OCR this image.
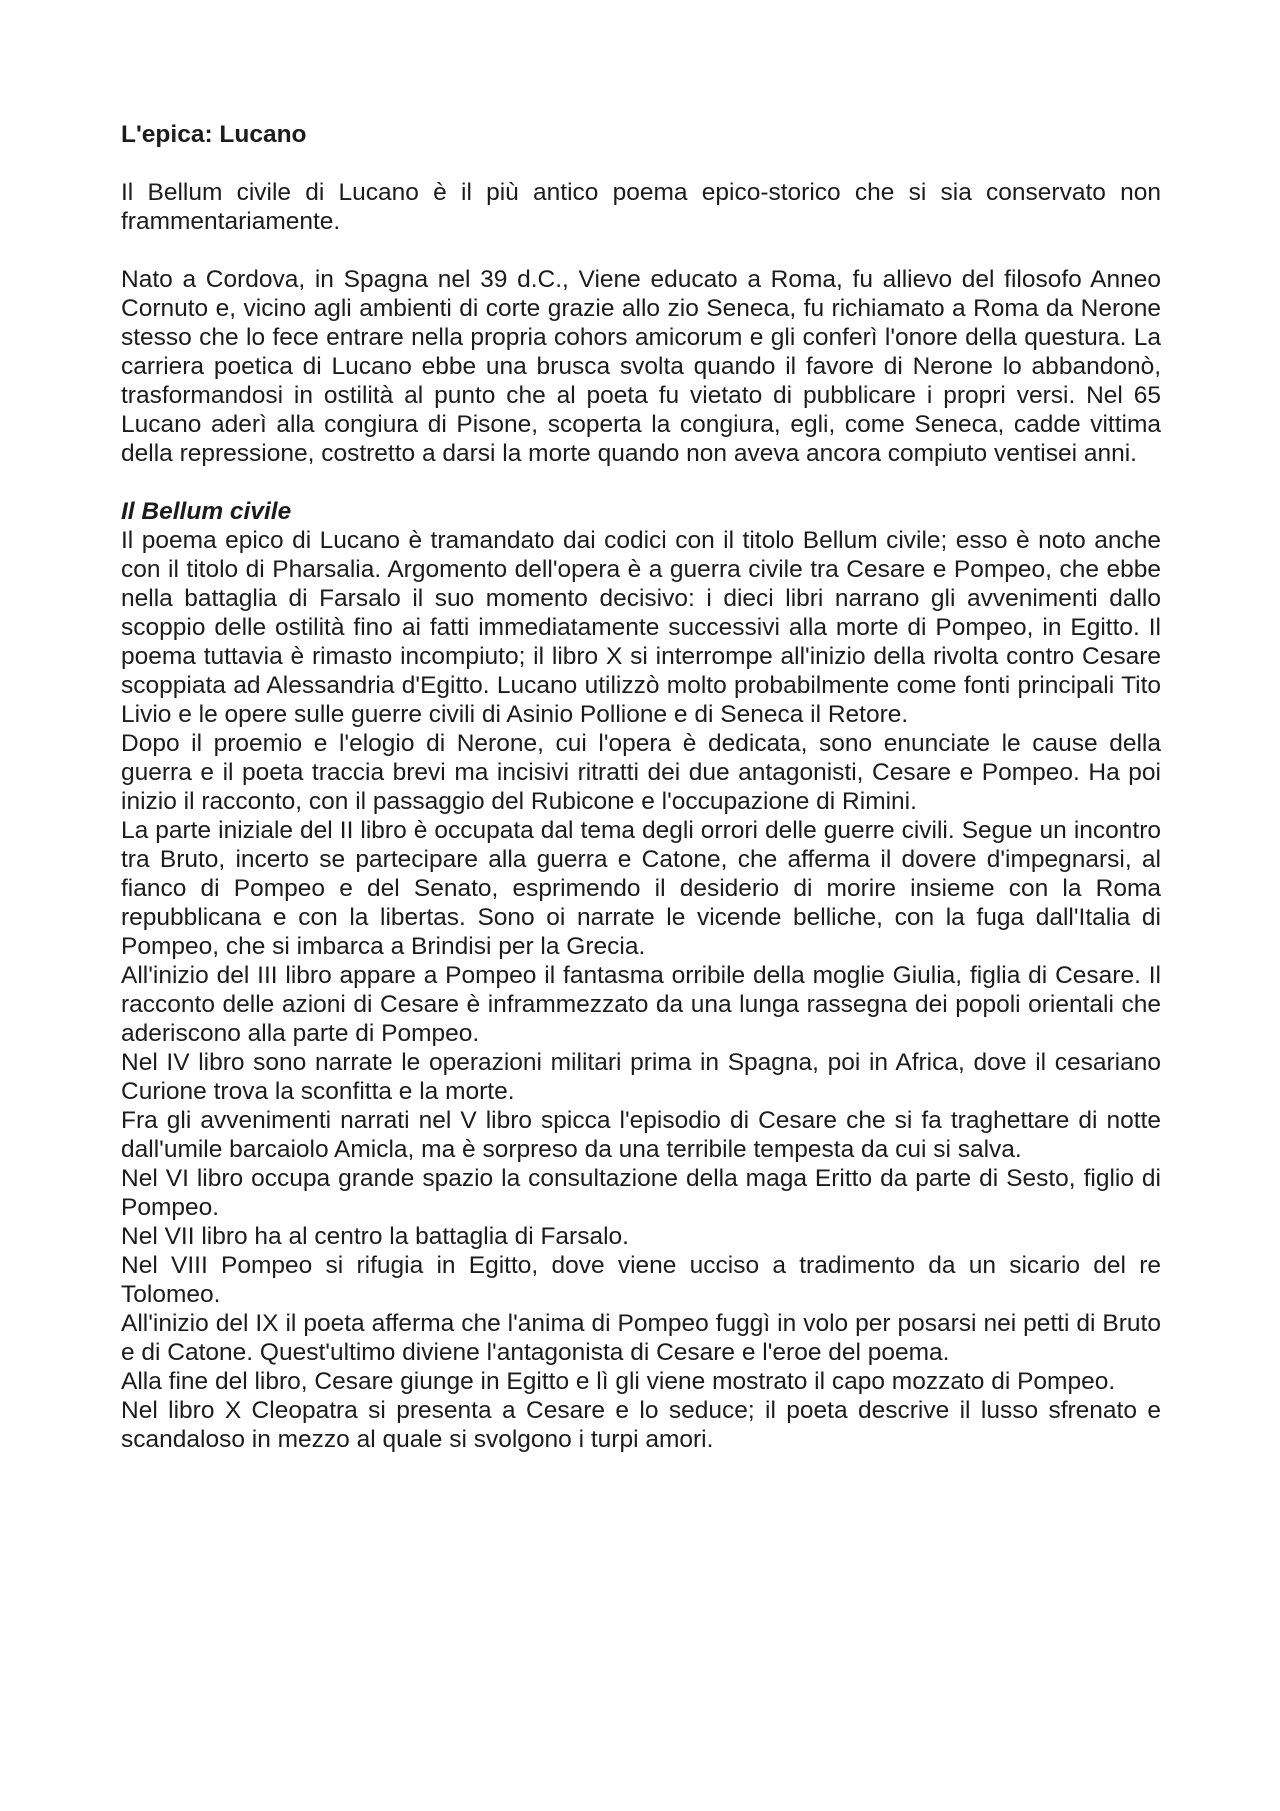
L'epica: Lucano

Il Bellum civile di Lucano è il più antico poema epico-storico che si sia conservato non frammentariamente.

Nato a Cordova, in Spagna nel 39 d.C., Viene educato a Roma, fu allievo del filosofo Anneo Cornuto e, vicino agli ambienti di corte grazie allo zio Seneca, fu richiamato a Roma da Nerone stesso che lo fece entrare nella propria cohors amicorum e gli conferì l'onore della questura. La carriera poetica di Lucano ebbe una brusca svolta quando il favore di Nerone lo abbandonò, trasformandosi in ostilità al punto che al poeta fu vietato di pubblicare i propri versi. Nel 65 Lucano aderì alla congiura di Pisone, scoperta la congiura, egli, come Seneca, cadde vittima della repressione, costretto a darsi la morte quando non aveva ancora compiuto ventisei anni.

Il Bellum civile

Il poema epico di Lucano è tramandato dai codici con il titolo Bellum civile; esso è noto anche con il titolo di Pharsalia. Argomento dell'opera è a guerra civile tra Cesare e Pompeo, che ebbe nella battaglia di Farsalo il suo momento decisivo: i dieci libri narrano gli avvenimenti dallo scoppio delle ostilità fino ai fatti immediatamente successivi alla morte di Pompeo, in Egitto. Il poema tuttavia è rimasto incompiuto; il libro X si interrompe all'inizio della rivolta contro Cesare scoppiata ad Alessandria d'Egitto. Lucano utilizzò molto probabilmente come fonti principali Tito Livio e le opere sulle guerre civili di Asinio Pollione e di Seneca il Retore.

Dopo il proemio e l'elogio di Nerone, cui l'opera è dedicata, sono enunciate le cause della guerra e il poeta traccia brevi ma incisivi ritratti dei due antagonisti, Cesare e Pompeo. Ha poi inizio il racconto, con il passaggio del Rubicone e l'occupazione di Rimini.

La parte iniziale del II libro è occupata dal tema degli orrori delle guerre civili. Segue un incontro tra Bruto, incerto se partecipare alla guerra e Catone, che afferma il dovere d'impegnarsi, al fianco di Pompeo e del Senato, esprimendo il desiderio di morire insieme con la Roma repubblicana e con la libertas. Sono oi narrate le vicende belliche, con la fuga dall'Italia di Pompeo, che si imbarca a Brindisi per la Grecia.

All'inizio del III libro appare a Pompeo il fantasma orribile della moglie Giulia, figlia di Cesare. Il racconto delle azioni di Cesare è inframmezzato da una lunga rassegna dei popoli orientali che aderiscono alla parte di Pompeo.

Nel IV libro sono narrate le operazioni militari prima in Spagna, poi in Africa, dove il cesariano Curione trova la sconfitta e la morte.

Fra gli avvenimenti narrati nel V libro spicca l'episodio di Cesare che si fa traghettare di notte dall'umile barcaiolo Amicla, ma è sorpreso da una terribile tempesta da cui si salva.

Nel VI libro occupa grande spazio la consultazione della maga Eritto da parte di Sesto, figlio di Pompeo.

Nel VII libro ha al centro la battaglia di Farsalo.

Nel VIII Pompeo si rifugia in Egitto, dove viene ucciso a tradimento da un sicario del re Tolomeo.

All'inizio del IX il poeta afferma che l'anima di Pompeo fuggì in volo per posarsi nei petti di Bruto e di Catone. Quest'ultimo diviene l'antagonista di Cesare e l'eroe del poema.

Alla fine del libro, Cesare giunge in Egitto e lì gli viene mostrato il capo mozzato di Pompeo.

Nel libro X Cleopatra si presenta a Cesare e lo seduce; il poeta descrive il lusso sfrenato e scandaloso in mezzo al quale si svolgono i turpi amori.
